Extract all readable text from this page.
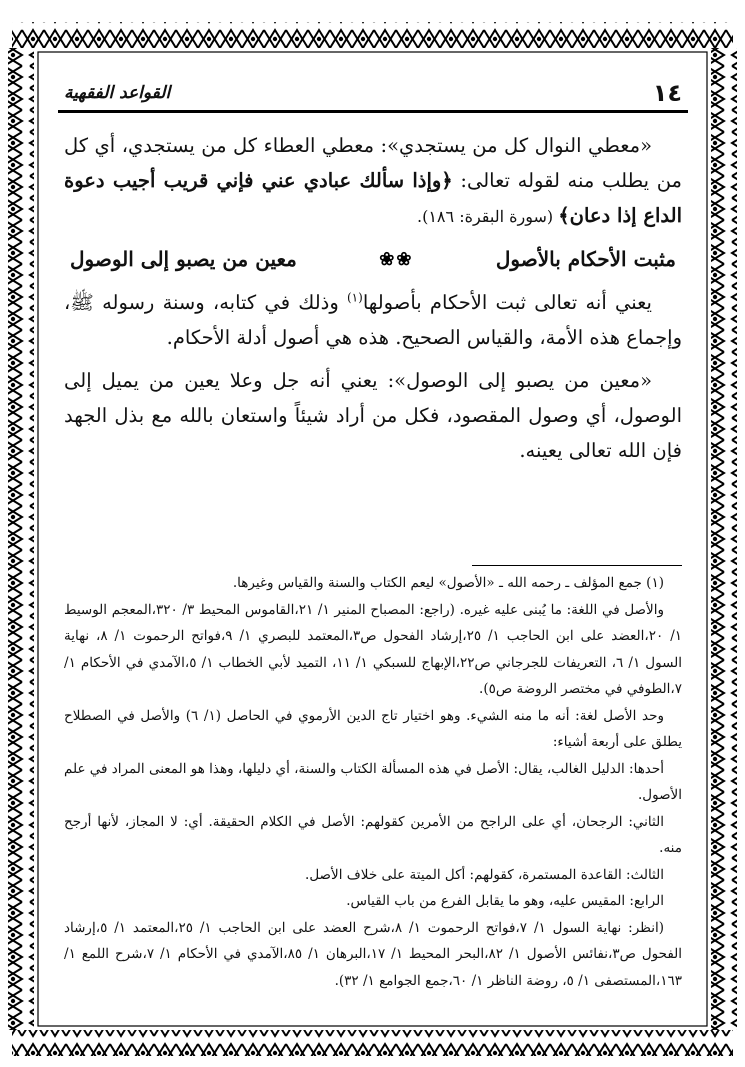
١٤
القواعد الفقهية

«معطي النوال كل من يستجدي»: معطي العطاء كل من يستجدي، أي كل من يطلب منه لقوله تعالى: ﴿وإذا سألك عبادي عني فإني قريب أجيب دعوة الداع إذا دعان﴾ (سورة البقرة: ١٨٦).

مثبت الأحكام بالأصول
❀❀
معين من يصبو إلى الوصول

يعني أنه تعالى ثبت الأحكام بأصولها$^{(١)}$ وذلك في كتابه، وسنة رسوله ﷺ، وإجماع هذه الأمة، والقياس الصحيح. هذه هي أصول أدلة الأحكام.

«معين من يصبو إلى الوصول»: يعني أنه جل وعلا يعين من يميل إلى الوصول، أي وصول المقصود، فكل من أراد شيئاً واستعان بالله مع بذل الجهد فإن الله تعالى يعينه.

(١) جمع المؤلف ـ رحمه الله ـ «الأصول» ليعم الكتاب والسنة والقياس وغيرها.

والأصل في اللغة: ما يُبنى عليه غيره. (راجع: المصباح المنير ١/ ٢١،القاموس المحيط ٣/ ٣٢٠،المعجم الوسيط ١/ ٢٠،العضد على ابن الحاجب ١/ ٢٥،إرشاد الفحول ص٣،المعتمد للبصري ١/ ٩،فواتح الرحموت ١/ ٨، نهاية السول ١/ ٦، التعريفات للجرجاني ص٢٢،الإبهاج للسبكي ١/ ١١، التميد لأبي الخطاب ١/ ٥،الآمدي في الأحكام ١/ ٧،الطوفي في مختصر الروضة ص٥).

وحد الأصل لغة: أنه ما منه الشيء. وهو اختيار تاج الدين الأرموي في الحاصل (١/ ٦) والأصل في الصطلاح يطلق على أربعة أشياء:

أحدها: الدليل الغالب، يقال: الأصل في هذه المسألة الكتاب والسنة، أي دليلها، وهذا هو المعنى المراد في علم الأصول.

الثاني: الرجحان، أي على الراجح من الأمرين كقولهم: الأصل في الكلام الحقيقة. أي: لا المجاز، لأنها أرجح منه.

الثالث: القاعدة المستمرة، كقولهم: أكل الميتة على خلاف الأصل.

الرابع: المقيس عليه، وهو ما يقابل الفرع من باب القياس.

(انظر: نهاية السول ١/ ٧،فواتح الرحموت ١/ ٨،شرح العضد على ابن الحاجب ١/ ٢٥،المعتمد ١/ ٥،إرشاد الفحول ص٣،نفائس الأصول ١/ ٨٢،البحر المحيط ١/ ١٧،البرهان ١/ ٨٥،الآمدي في الأحكام ١/ ٧،شرح اللمع ١/ ١٦٣،المستصفى ١/ ٥، روضة الناظر ١/ ٦٠،جمع الجوامع ١/ ٣٢).
